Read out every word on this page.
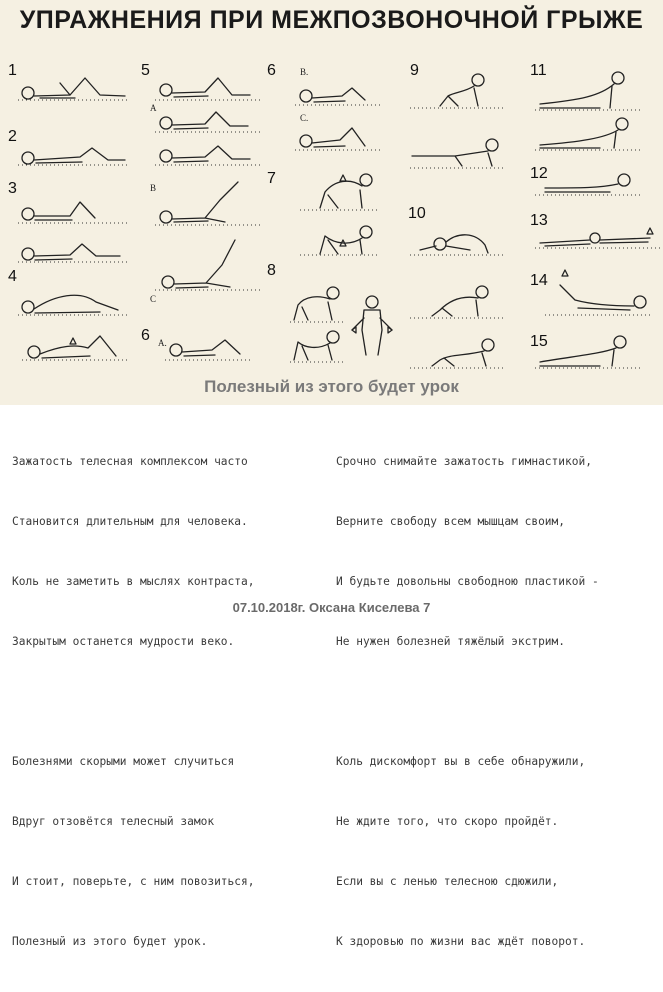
УПРАЖНЕНИЯ ПРИ МЕЖПОЗВОНОЧНОЙ ГРЫЖЕ
1
2
3
4
5
6
6
7
8
9
10
11
12
13
14
15
A
B
C
A.
B.
C.
Полезный из этого будет урок

Зажатость телесная комплексом часто

Становится длительным для человека.

Коль не заметить в мыслях контраста,

Закрытым останется мудрости веко.

Болезнями скорыми может случиться

Вдруг отзовётся телесный замок

И стоит, поверьте, с ним повозиться,

Полезный из этого будет урок.

Срочно снимайте зажатость гимнастикой,

Верните свободу всем мышцам своим,

И будьте довольны свободною пластикой -

Не нужен болезней тяжёлый экстрим.

Коль дискомфорт вы в себе обнаружили,

Не ждите того, что скоро пройдёт.

Если вы с ленью телесною сдюжили,

К здоровью по жизни вас ждёт поворот.

07.10.2018г. Оксана Киселева 7
